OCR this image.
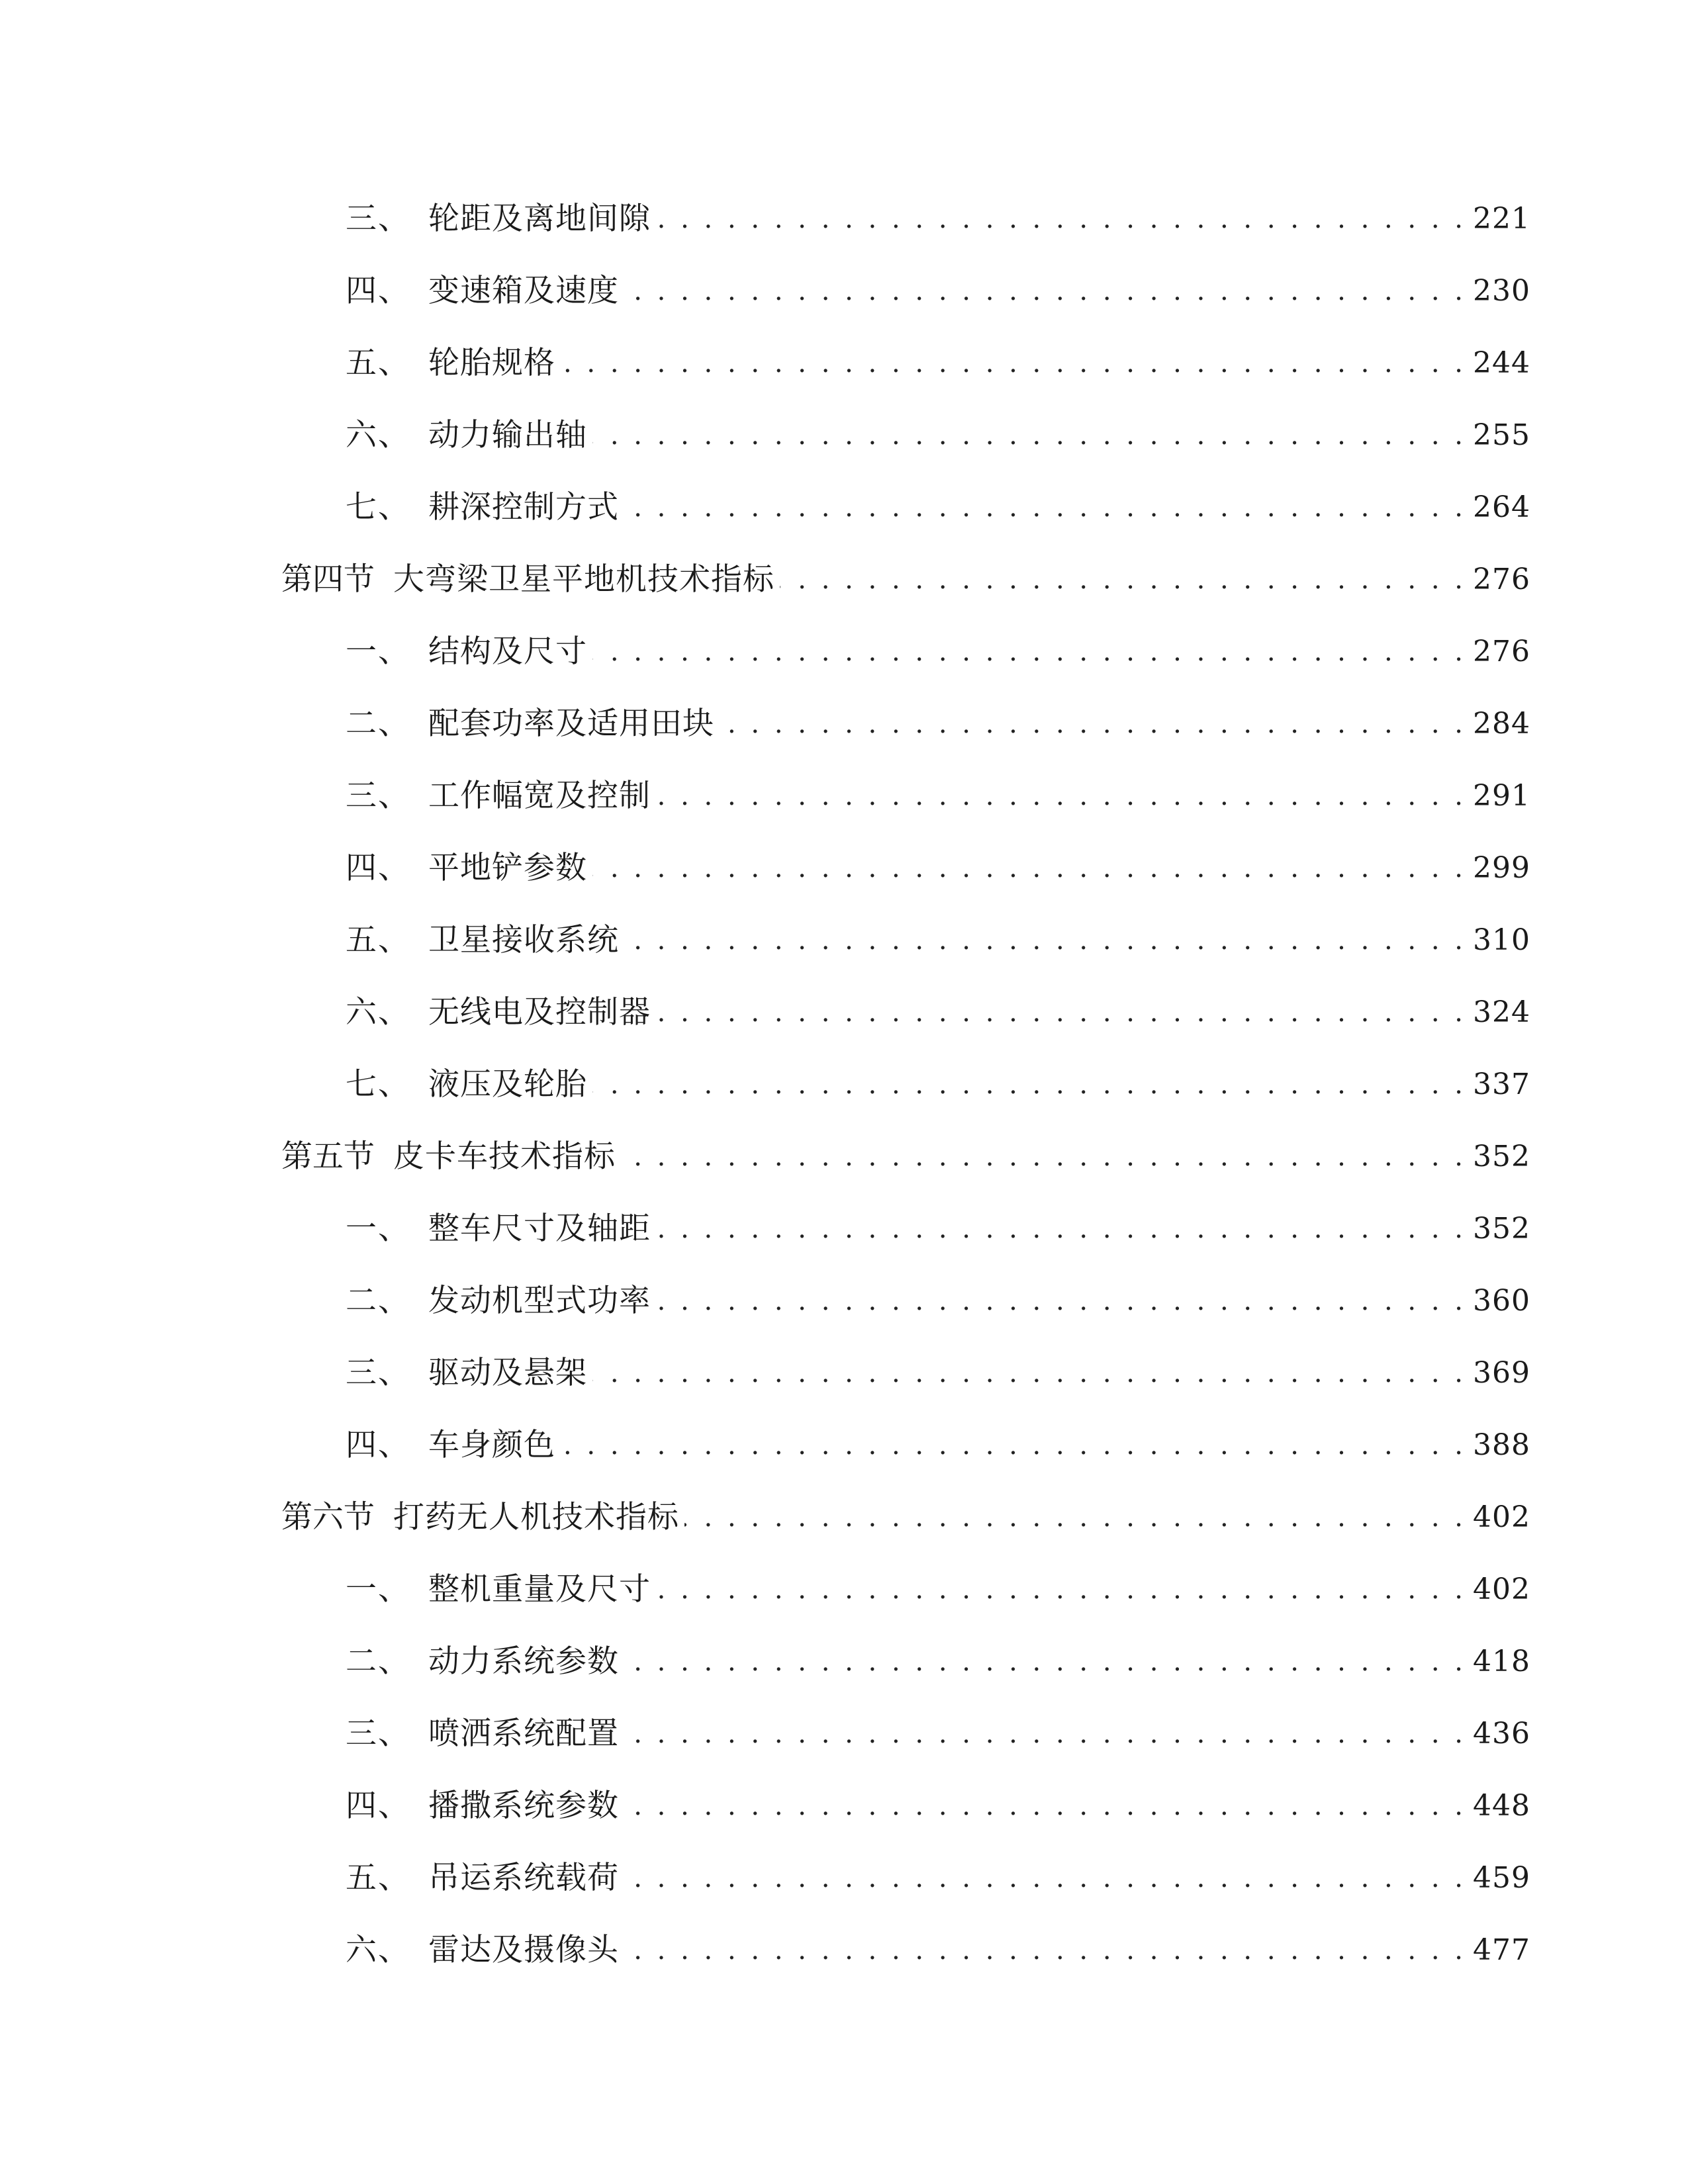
三、 轮距及离地间隙 . . .	221
四、 变速箱及速度 . . .	230
五、 轮胎规格 . . .	244
六、 动力输出轴 . . .	255
七、 耕深控制方式 . . .	264
第四节 大弯梁卫星平地机技术指标 . . .	276
一、 结构及尺寸 . . .	276
二、 配套功率及适用田块 . . .	284
三、 工作幅宽及控制 . . .	291
四、 平地铲参数 . . .	299
五、 卫星接收系统 . . .	310
六、 无线电及控制器 . . .	324
七、 液压及轮胎 . . .	337
第五节 皮卡车技术指标 . . .	352
一、 整车尺寸及轴距 . . .	352
二、 发动机型式功率 . . .	360
三、 驱动及悬架 . . .	369
四、 车身颜色 . . .	388
第六节 打药无人机技术指标 . . .	402
一、 整机重量及尺寸 . . .	402
二、 动力系统参数 . . .	418
三、 喷洒系统配置 . . .	436
四、 播撒系统参数 . . .	448
五、 吊运系统载荷 . . .	459
六、 雷达及摄像头 . . .	477
